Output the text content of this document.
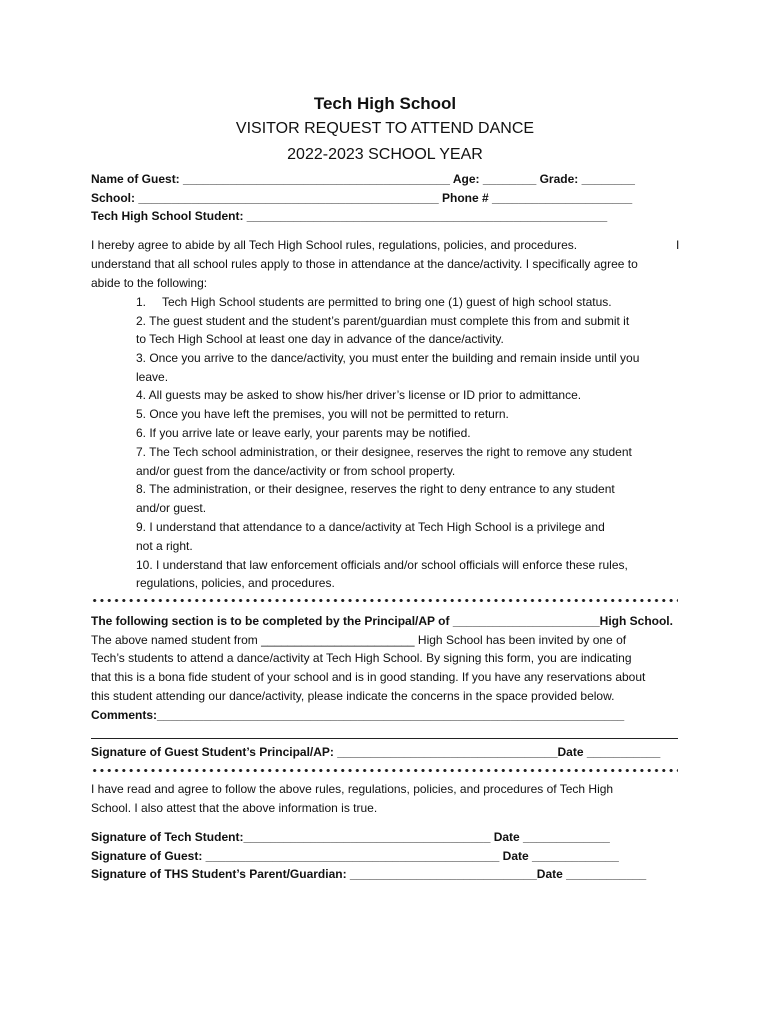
Tech High School
VISITOR REQUEST TO ATTEND DANCE
2022-2023 SCHOOL YEAR
Name of Guest: ________________________________________ Age: ________ Grade: ________
School: _____________________________________________ Phone # _____________________
Tech High School Student: ______________________________________________________
I hereby agree to abide by all Tech High School rules, regulations, policies, and procedures.	I
understand that all school rules apply to those in attendance at the dance/activity. I specifically agree to
abide to the following:
1. Tech High School students are permitted to bring one (1) guest of high school status.
2. The guest student and the student’s parent/guardian must complete this from and submit it
to Tech High School at least one day in advance of the dance/activity.
3. Once you arrive to the dance/activity, you must enter the building and remain inside until you
leave.
4. All guests may be asked to show his/her driver’s license or ID prior to admittance.
5. Once you have left the premises, you will not be permitted to return.
6. If you arrive late or leave early, your parents may be notified.
7. The Tech school administration, or their designee, reserves the right to remove any student
and/or guest from the dance/activity or from school property.
8. The administration, or their designee, reserves the right to deny entrance to any student
and/or guest.
9. I understand that attendance to a dance/activity at Tech High School is a privilege and
not a right.
10. I understand that law enforcement officials and/or school officials will enforce these rules,
regulations, policies, and procedures.
The following section is to be completed by the Principal/AP of ______________________High School.
The above named student from _______________________ High School has been invited by one of
Tech’s students to attend a dance/activity at Tech High School. By signing this form, you are indicating
that this is a bona fide student of your school and is in good standing. If you have any reservations about
this student attending our dance/activity, please indicate the concerns in the space provided below.
Comments:______________________________________________________________________
Signature of Guest Student’s Principal/AP: _________________________________Date ___________
I have read and agree to follow the above rules, regulations, policies, and procedures of Tech High
School. I also attest that the above information is true.
Signature of Tech Student:_____________________________________ Date _____________
Signature of Guest: ____________________________________________ Date _____________
Signature of THS Student’s Parent/Guardian: ____________________________Date ____________
